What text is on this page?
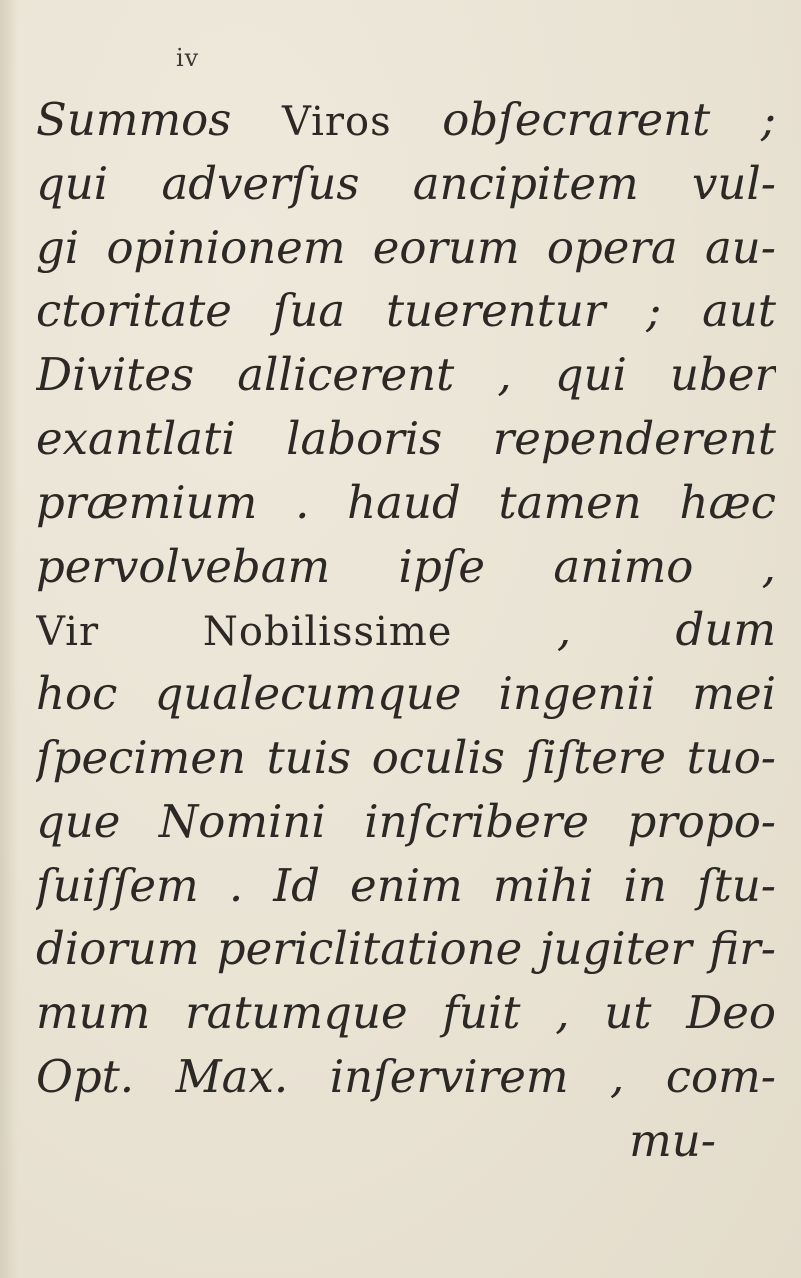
iv
Summos Viros obſecrarent ;
qui adverſus ancipitem vul-
gi opinionem eorum opera au-
ctoritate ſua tuerentur ; aut
Divites allicerent , qui uber
exantlati laboris rependerent
præmium . haud tamen hæc
pervolvebam ipſe animo ,
Vir Nobilissime , dum
hoc qualecumque ingenii mei
ſpecimen tuis oculis ſiſtere tuo-
que Nomini inſcribere propo-
ſuiſſem . Id enim mihi in ſtu-
diorum periclitatione jugiter fir-
mum ratumque fuit , ut Deo
Opt. Max. inſervirem , com-
mu-
